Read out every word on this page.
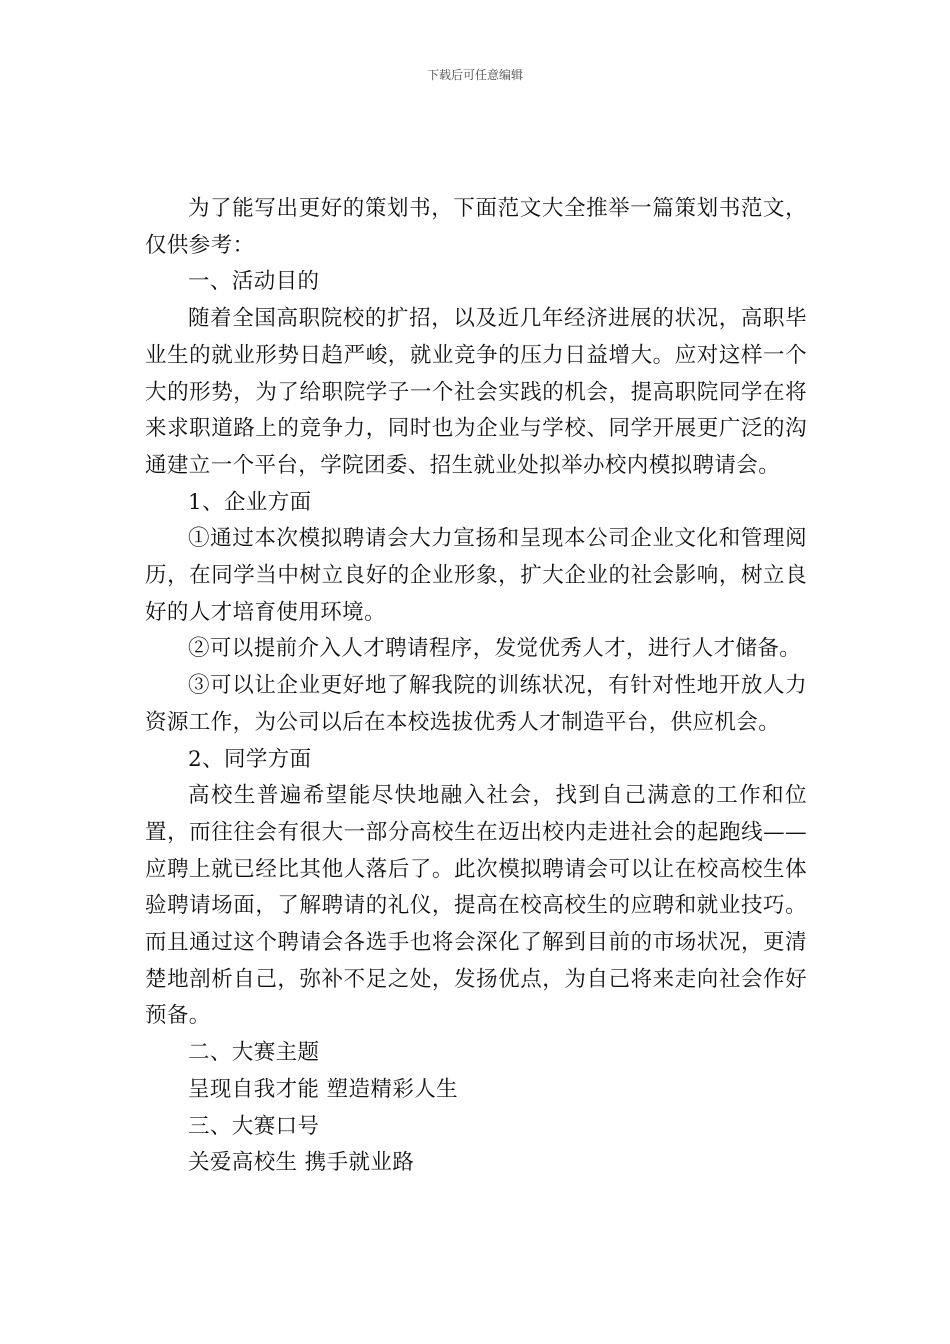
下载后可任意编辑

为了能写出更好的策划书，下面范文大全推举一篇策划书范文，仅供参考：

一、活动目的

随着全国高职院校的扩招，以及近几年经济进展的状况，高职毕业生的就业形势日趋严峻，就业竞争的压力日益增大。应对这样一个大的形势，为了给职院学子一个社会实践的机会，提高职院同学在将来求职道路上的竞争力，同时也为企业与学校、同学开展更广泛的沟通建立一个平台，学院团委、招生就业处拟举办校内模拟聘请会。

1、企业方面

①通过本次模拟聘请会大力宣扬和呈现本公司企业文化和管理阅历，在同学当中树立良好的企业形象，扩大企业的社会影响，树立良好的人才培育使用环境。

②可以提前介入人才聘请程序，发觉优秀人才，进行人才储备。

③可以让企业更好地了解我院的训练状况，有针对性地开放人力资源工作，为公司以后在本校选拔优秀人才制造平台，供应机会。

2、同学方面

高校生普遍希望能尽快地融入社会，找到自己满意的工作和位置，而往往会有很大一部分高校生在迈出校内走进社会的起跑线——应聘上就已经比其他人落后了。此次模拟聘请会可以让在校高校生体验聘请场面，了解聘请的礼仪，提高在校高校生的应聘和就业技巧。而且通过这个聘请会各选手也将会深化了解到目前的市场状况，更清楚地剖析自己，弥补不足之处，发扬优点，为自己将来走向社会作好预备。

二、大赛主题

呈现自我才能 塑造精彩人生

三、大赛口号

关爱高校生 携手就业路
